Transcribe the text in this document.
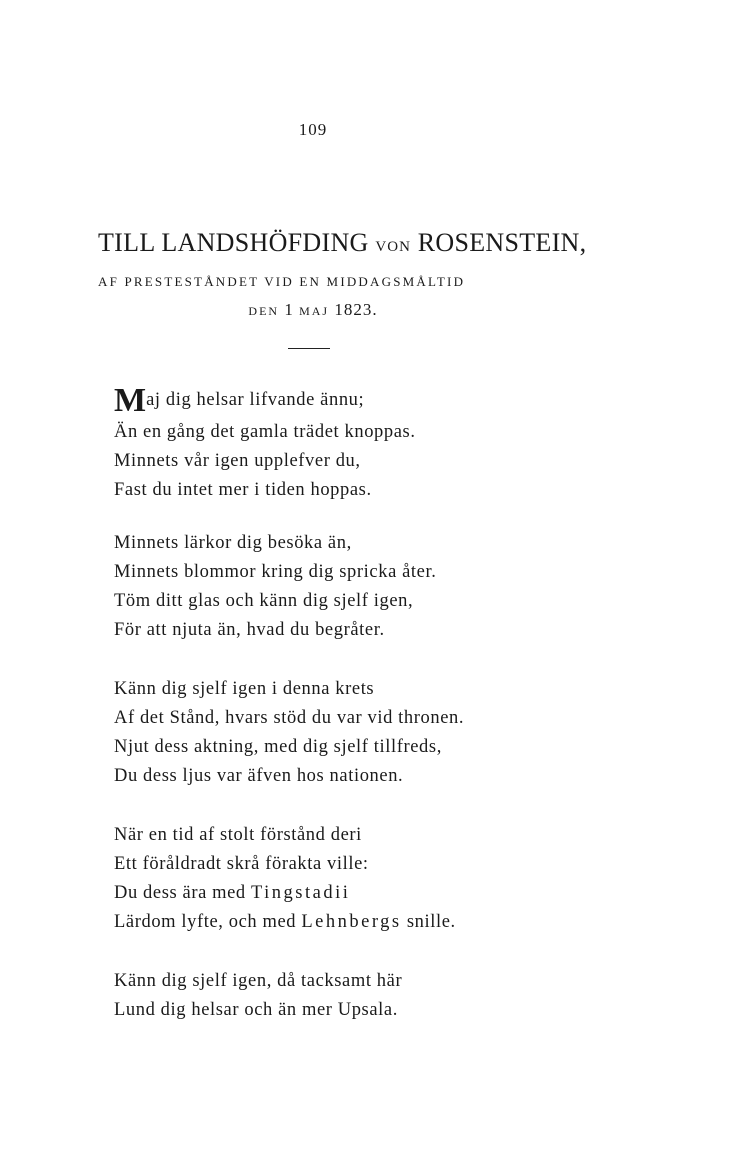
109
TILL LANDSHÖFDING VON ROSENSTEIN,
AF PRESTESTÅNDET VID EN MIDDAGSMÅLTID
DEN 1 MAJ 1823.
Maj dig helsar lifvande ännu;
Än en gång det gamla trädet knoppas.
Minnets vår igen upplefver du,
Fast du intet mer i tiden hoppas.
Minnets lärkor dig besöka än,
Minnets blommor kring dig spricka åter.
Töm ditt glas och känn dig sjelf igen,
För att njuta än, hvad du begråter.
Känn dig sjelf igen i denna krets
Af det Stånd, hvars stöd du var vid thronen.
Njut dess aktning, med dig sjelf tillfreds,
Du dess ljus var äfven hos nationen.
När en tid af stolt förstånd deri
Ett föråldradt skrå förakta ville:
Du dess ära med Tingstadii
Lärdom lyfte, och med Lehnbergs snille.
Känn dig sjelf igen, då tacksamt här
Lund dig helsar och än mer Upsala.
